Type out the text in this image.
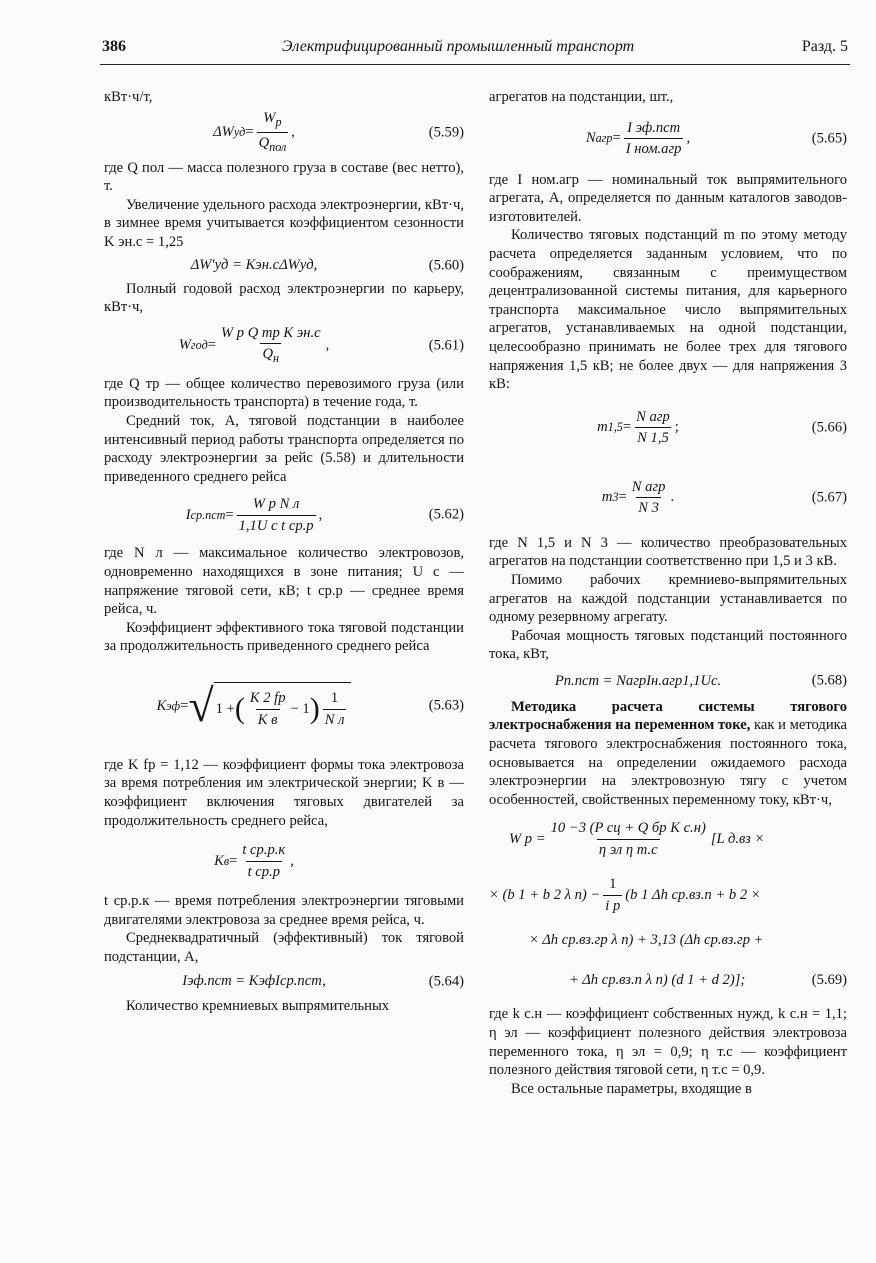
386	Электрифицированный промышленный транспорт	Разд. 5

кВт·ч/т,

ΔW уд =
$W_р$
$Q_{пол}$
,	(5.59)

где Q пол — масса полезного груза в составе (вес нетто), т.

Увеличение удельного расхода электроэнергии, кВт·ч, в зимнее время учитывается коэффициентом сезонности K эн.с = 1,25

ΔW′уд = Kэн.сΔWуд,	(5.60)

Полный годовой расход электроэнергии по карьеру, кВт·ч,

W год =
W р Q тр K эн.с
$Q_н$
,	(5.61)

где Q тр — общее количество перевозимого груза (или производительность транспорта) в течение года, т.

Средний ток, А, тяговой подстанции в наиболее интенсивный период работы транспорта определяется по расходу электроэнергии за рейс (5.58) и длительности приведенного среднего рейса

I ср.пст =
W р N л
1,1U с t ср.р
,	(5.62)

где N л — максимальное количество электровозов, одновременно находящихся в зоне питания; U с — напряжение тяговой сети, кВ; t ср.р — среднее время рейса, ч.

Коэффициент эффективного тока тяговой подстанции за продолжительность приведенного среднего рейса

K эф = √ 1 + ( K 2 fp
K в
− 1 ) 1
N л
(5.63)

где K fp = 1,12 — коэффициент формы тока электровоза за время потребления им электрической энергии; K в — коэффициент включения тяговых двигателей за продолжительность среднего рейса,

K в =
t ср.р.к
t ср.р
,

t ср.р.к — время потребления электроэнергии тяговыми двигателями электровоза за среднее время рейса, ч.

Среднеквадратичный (эффективный) ток тяговой подстанции, А,

Iэф.пст = KэфIср.пст,	(5.64)

Количество кремниевых выпрямительных

агрегатов на подстанции, шт.,

N агр =
I эф.пст
I ном.агр
,	(5.65)

где I ном.агр — номинальный ток выпрямительного агрегата, А, определяется по данным каталогов заводов-изготовителей.

Количество тяговых подстанций m по этому методу расчета определяется заданным условием, что по соображениям, связанным с преимуществом децентрализованной системы питания, для карьерного транспорта максимальное число выпрямительных агрегатов, устанавливаемых на одной подстанции, целесообразно принимать не более трех для тягового напряжения 1,5 кВ; не более двух — для напряжения 3 кВ:

m 1,5 =
N агр
N 1,5
;	(5.66)
m 3 =
N агр
N 3
.	(5.67)

где N 1,5 и N 3 — количество преобразовательных агрегатов на подстанции соответственно при 1,5 и 3 кВ.

Помимо рабочих кремниево-выпрямительных агрегатов на каждой подстанции устанавливается по одному резервному агрегату.

Рабочая мощность тяговых подстанций постоянного тока, кВт,

Pп.пст = NагрIн.агр1,1Uс.	(5.68)

Методика расчета системы тягового электроснабжения на переменном токе, как и методика расчета тягового электроснабжения постоянного тока, основывается на определении ожидаемого расхода электроэнергии на электровозную тягу с учетом особенностей, свойственных переменному току, кВт·ч,

W р =
10 −3 (P сц + Q бр K с.н)
η эл η т.с
[L д.вз ×
× (b 1 + b 2 λ п) −
1
i р
(b 1 Δh ср.вз.п + b 2 ×
× Δh ср.вз.гр λ п) + 3,13 (Δh ср.вз.гр +
+ Δh ср.вз.п λ п) (d 1 + d 2)];	(5.69)

где k с.н — коэффициент собственных нужд, k с.н = 1,1; η эл — коэффициент полезного действия электровоза переменного тока, η эл = 0,9; η т.с — коэффициент полезного действия тяговой сети, η т.с = 0,9.

Все остальные параметры, входящие в
